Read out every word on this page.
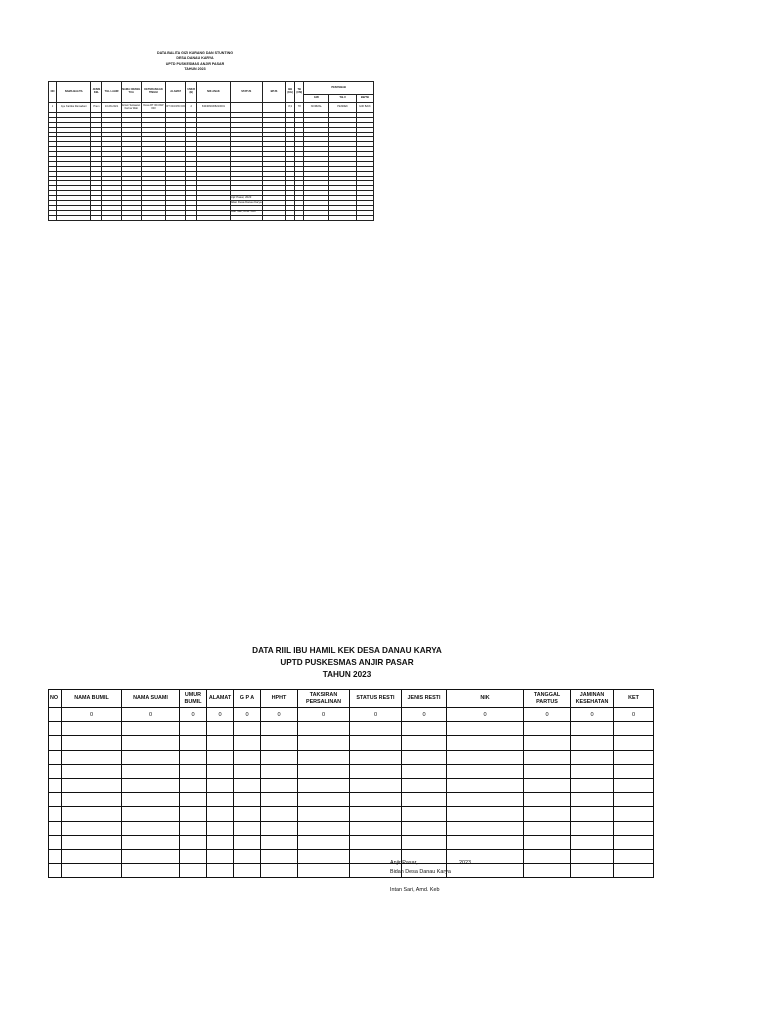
DATA BALITA GIZI KURANG DAN STUNTING
DESA DANAU KARYA
UPTD PUSKESMAS ANJIR PASAR
TAHUN 2023
NO	NAMA BALITA	JENIS KEL	TGL LAHIR	NAMA ORANG TUA	KETERANGAN TINGGI	ALAMAT	UMUR (B)	NIK ANAK	STATUS	BPJS	BB (KG)	TB (CM)	PENYEBAB		
													GIZI	T.B.U	BB/TB
1	Ayu Kartika Ramadani	Prem	10-08-2021	Erwin Setiawan Ferina Wati	Desa RT 004 RW 003	RT 004 RW 003	2	6304060308210001			8,3	78	NORMAL	PENDEK	GIZI BAIK

Anjir Pasar, 2023
Bidan Desa Danau Karya
Intan Sari, Amd. Keb
DATA RIIL IBU HAMIL KEK DESA DANAU KARYA
UPTD PUSKESMAS ANJIR PASAR
TAHUN 2023
NO	NAMA BUMIL	NAMA SUAMI	UMUR BUMIL	ALAMAT	G P A	HPHT	TAKSIRAN PERSALINAN	STATUS RESTI	JENIS RESTI	NIK	TANGGAL PARTUS	JAMINAN KESEHATAN	KET
	0	0	0	0	0	0	0	0	0	0	0	0	0

Anjir Pasar,	2023
Bidan Desa Danau Karya
Intan Sari, Amd. Keb
